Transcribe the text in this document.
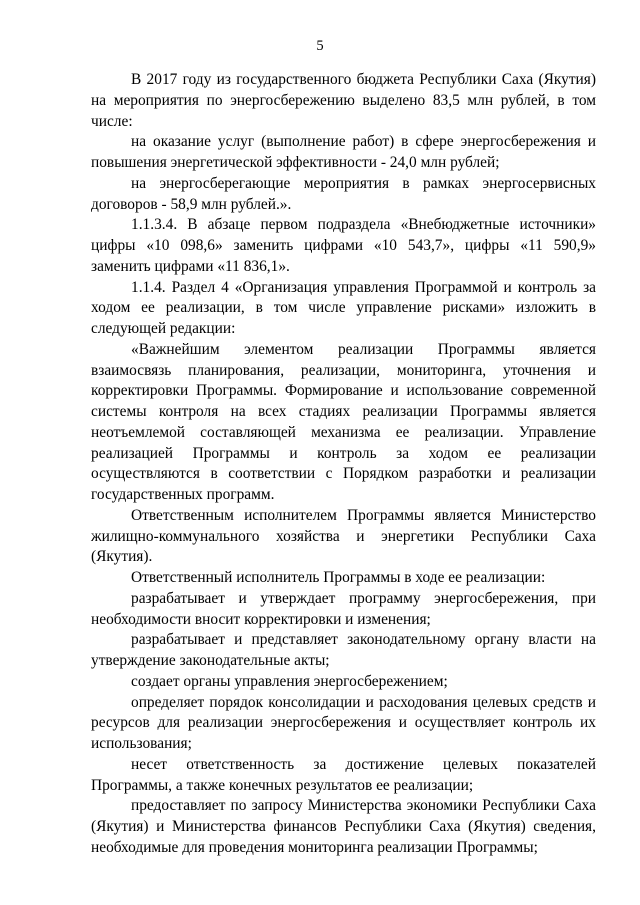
5

В 2017 году из государственного бюджета Республики Саха (Якутия) на мероприятия по энергосбережению выделено 83,5 млн рублей, в том числе:

на оказание услуг (выполнение работ) в сфере энергосбережения и повышения энергетической эффективности - 24,0 млн рублей;

на энергосберегающие мероприятия в рамках энергосервисных договоров - 58,9 млн рублей.».

1.1.3.4. В абзаце первом подраздела «Внебюджетные источники» цифры «10 098,6» заменить цифрами «10 543,7», цифры «11 590,9» заменить цифрами «11 836,1».

1.1.4. Раздел 4 «Организация управления Программой и контроль за ходом ее реализации, в том числе управление рисками» изложить в следующей редакции:

«Важнейшим элементом реализации Программы является взаимосвязь планирования, реализации, мониторинга, уточнения и корректировки Программы. Формирование и использование современной системы контроля на всех стадиях реализации Программы является неотъемлемой составляющей механизма ее реализации. Управление реализацией Программы и контроль за ходом ее реализации осуществляются в соответствии с Порядком разработки и реализации государственных программ.

Ответственным исполнителем Программы является Министерство жилищно-коммунального хозяйства и энергетики Республики Саха (Якутия).

Ответственный исполнитель Программы в ходе ее реализации:

разрабатывает и утверждает программу энергосбережения, при необходимости вносит корректировки и изменения;

разрабатывает и представляет законодательному органу власти на утверждение законодательные акты;

создает органы управления энергосбережением;

определяет порядок консолидации и расходования целевых средств и ресурсов для реализации энергосбережения и осуществляет контроль их использования;

несет ответственность за достижение целевых показателей Программы, а также конечных результатов ее реализации;

предоставляет по запросу Министерства экономики Республики Саха (Якутия) и Министерства финансов Республики Саха (Якутия) сведения, необходимые для проведения мониторинга реализации Программы;
